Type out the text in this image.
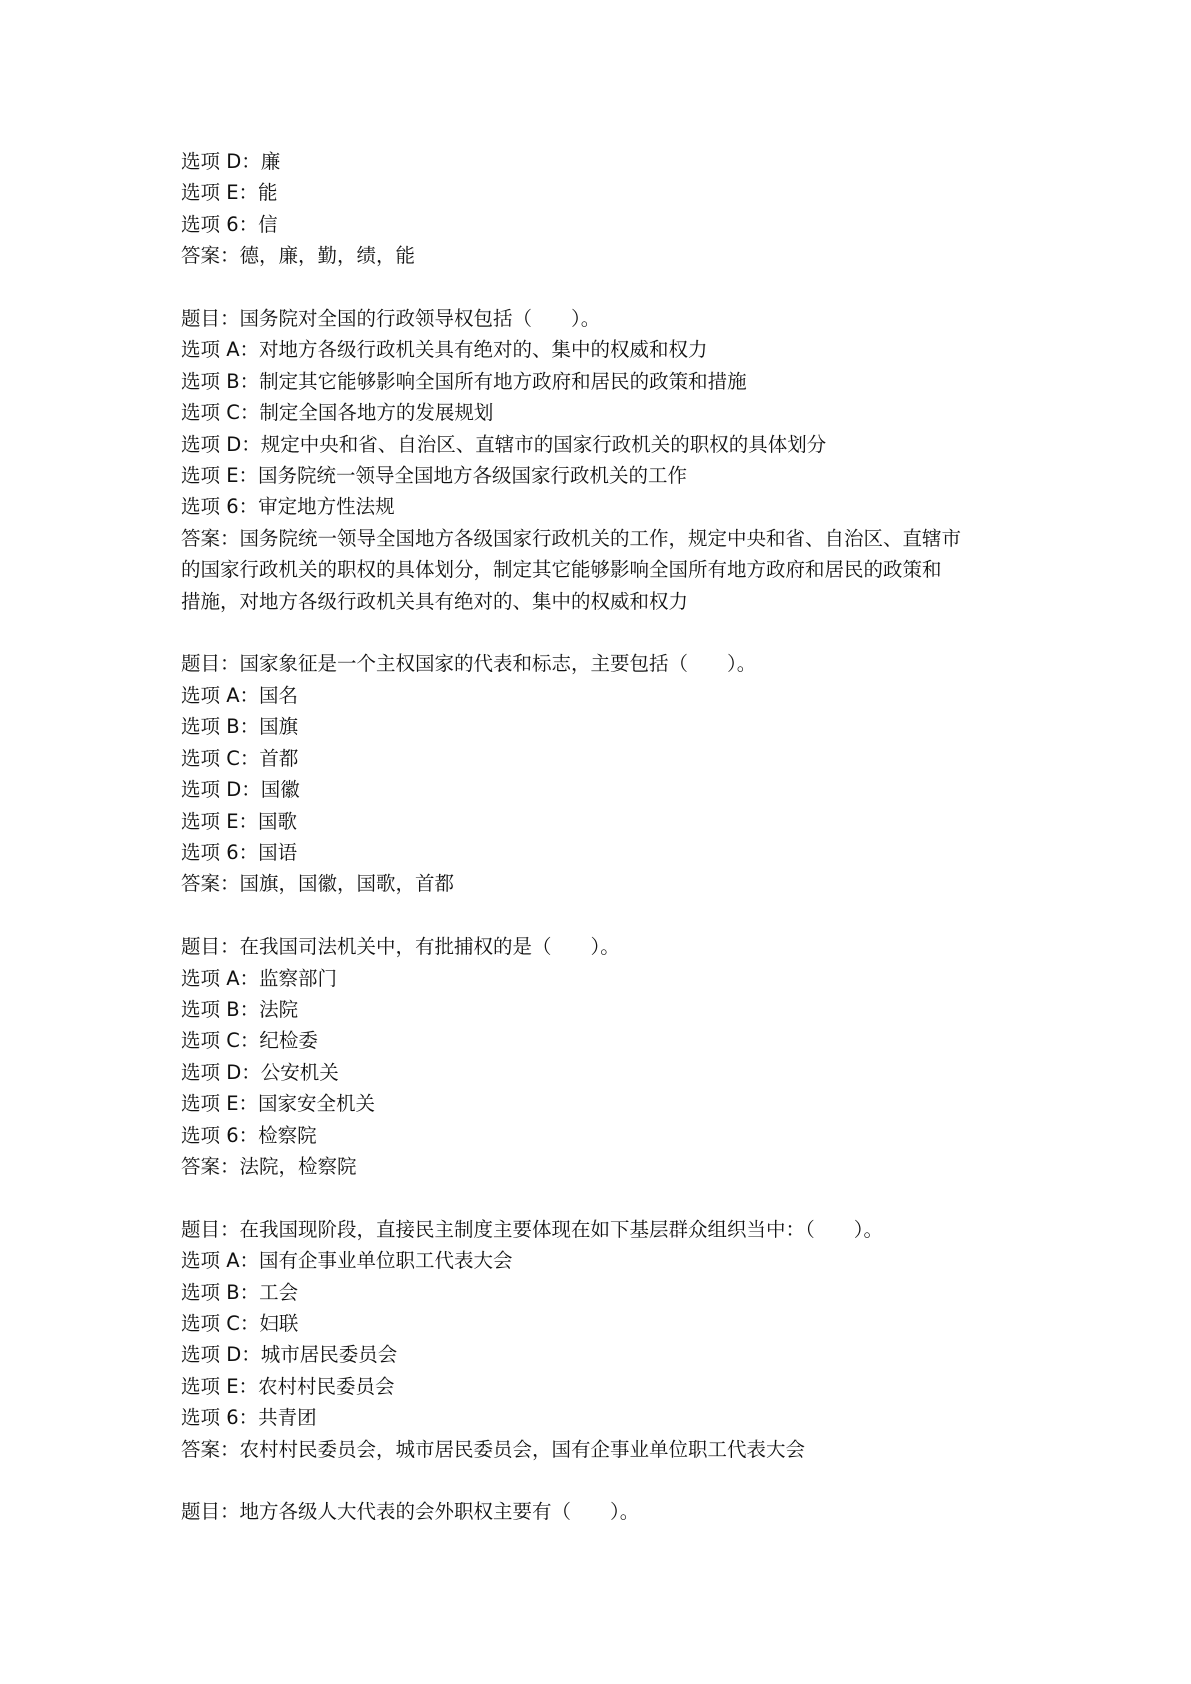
选项 D：廉

选项 E：能

选项 6：信

答案：德，廉，勤，绩，能

题目：国务院对全国的行政领导权包括（　　）。

选项 A：对地方各级行政机关具有绝对的、集中的权威和权力

选项 B：制定其它能够影响全国所有地方政府和居民的政策和措施

选项 C：制定全国各地方的发展规划

选项 D：规定中央和省、自治区、直辖市的国家行政机关的职权的具体划分

选项 E：国务院统一领导全国地方各级国家行政机关的工作

选项 6：审定地方性法规

答案：国务院统一领导全国地方各级国家行政机关的工作，规定中央和省、自治区、直辖市

的国家行政机关的职权的具体划分，制定其它能够影响全国所有地方政府和居民的政策和

措施，对地方各级行政机关具有绝对的、集中的权威和权力

题目：国家象征是一个主权国家的代表和标志，主要包括（　　）。

选项 A：国名

选项 B：国旗

选项 C：首都

选项 D：国徽

选项 E：国歌

选项 6：国语

答案：国旗，国徽，国歌，首都

题目：在我国司法机关中，有批捕权的是（　　）。

选项 A：监察部门

选项 B：法院

选项 C：纪检委

选项 D：公安机关

选项 E：国家安全机关

选项 6：检察院

答案：法院，检察院

题目：在我国现阶段，直接民主制度主要体现在如下基层群众组织当中：（　　）。

选项 A：国有企事业单位职工代表大会

选项 B：工会

选项 C：妇联

选项 D：城市居民委员会

选项 E：农村村民委员会

选项 6：共青团

答案：农村村民委员会，城市居民委员会，国有企事业单位职工代表大会

题目：地方各级人大代表的会外职权主要有（　　）。
